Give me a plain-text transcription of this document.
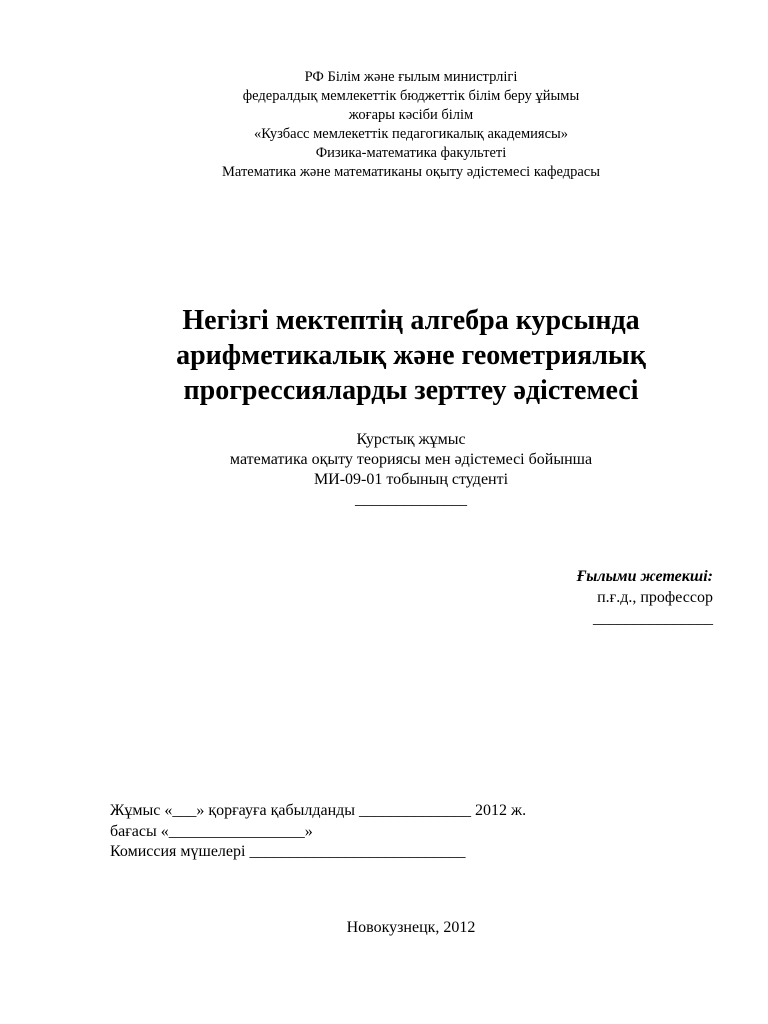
РФ Білім және ғылым министрлігі
федералдық мемлекеттік бюджеттік білім беру ұйымы
жоғары кәсіби білім
«Кузбасс мемлекеттік педагогикалық академиясы»
Физика-математика факультеті
Математика және математиканы оқыту әдістемесі кафедрасы
Негізгі мектептің алгебра курсында
арифметикалық және геометриялық
прогрессияларды зерттеу әдістемесі
Курстық жұмыс
математика оқыту теориясы мен әдістемесі бойынша
МИ-09-01 тобының студенті
______________
Ғылыми жетекші:
п.ғ.д., профессор
_______________
Жұмыс «___» қорғауға қабылданды ______________ 2012 ж.
бағасы «_________________»
Комиссия мүшелері ___________________________
Новокузнецк, 2012
